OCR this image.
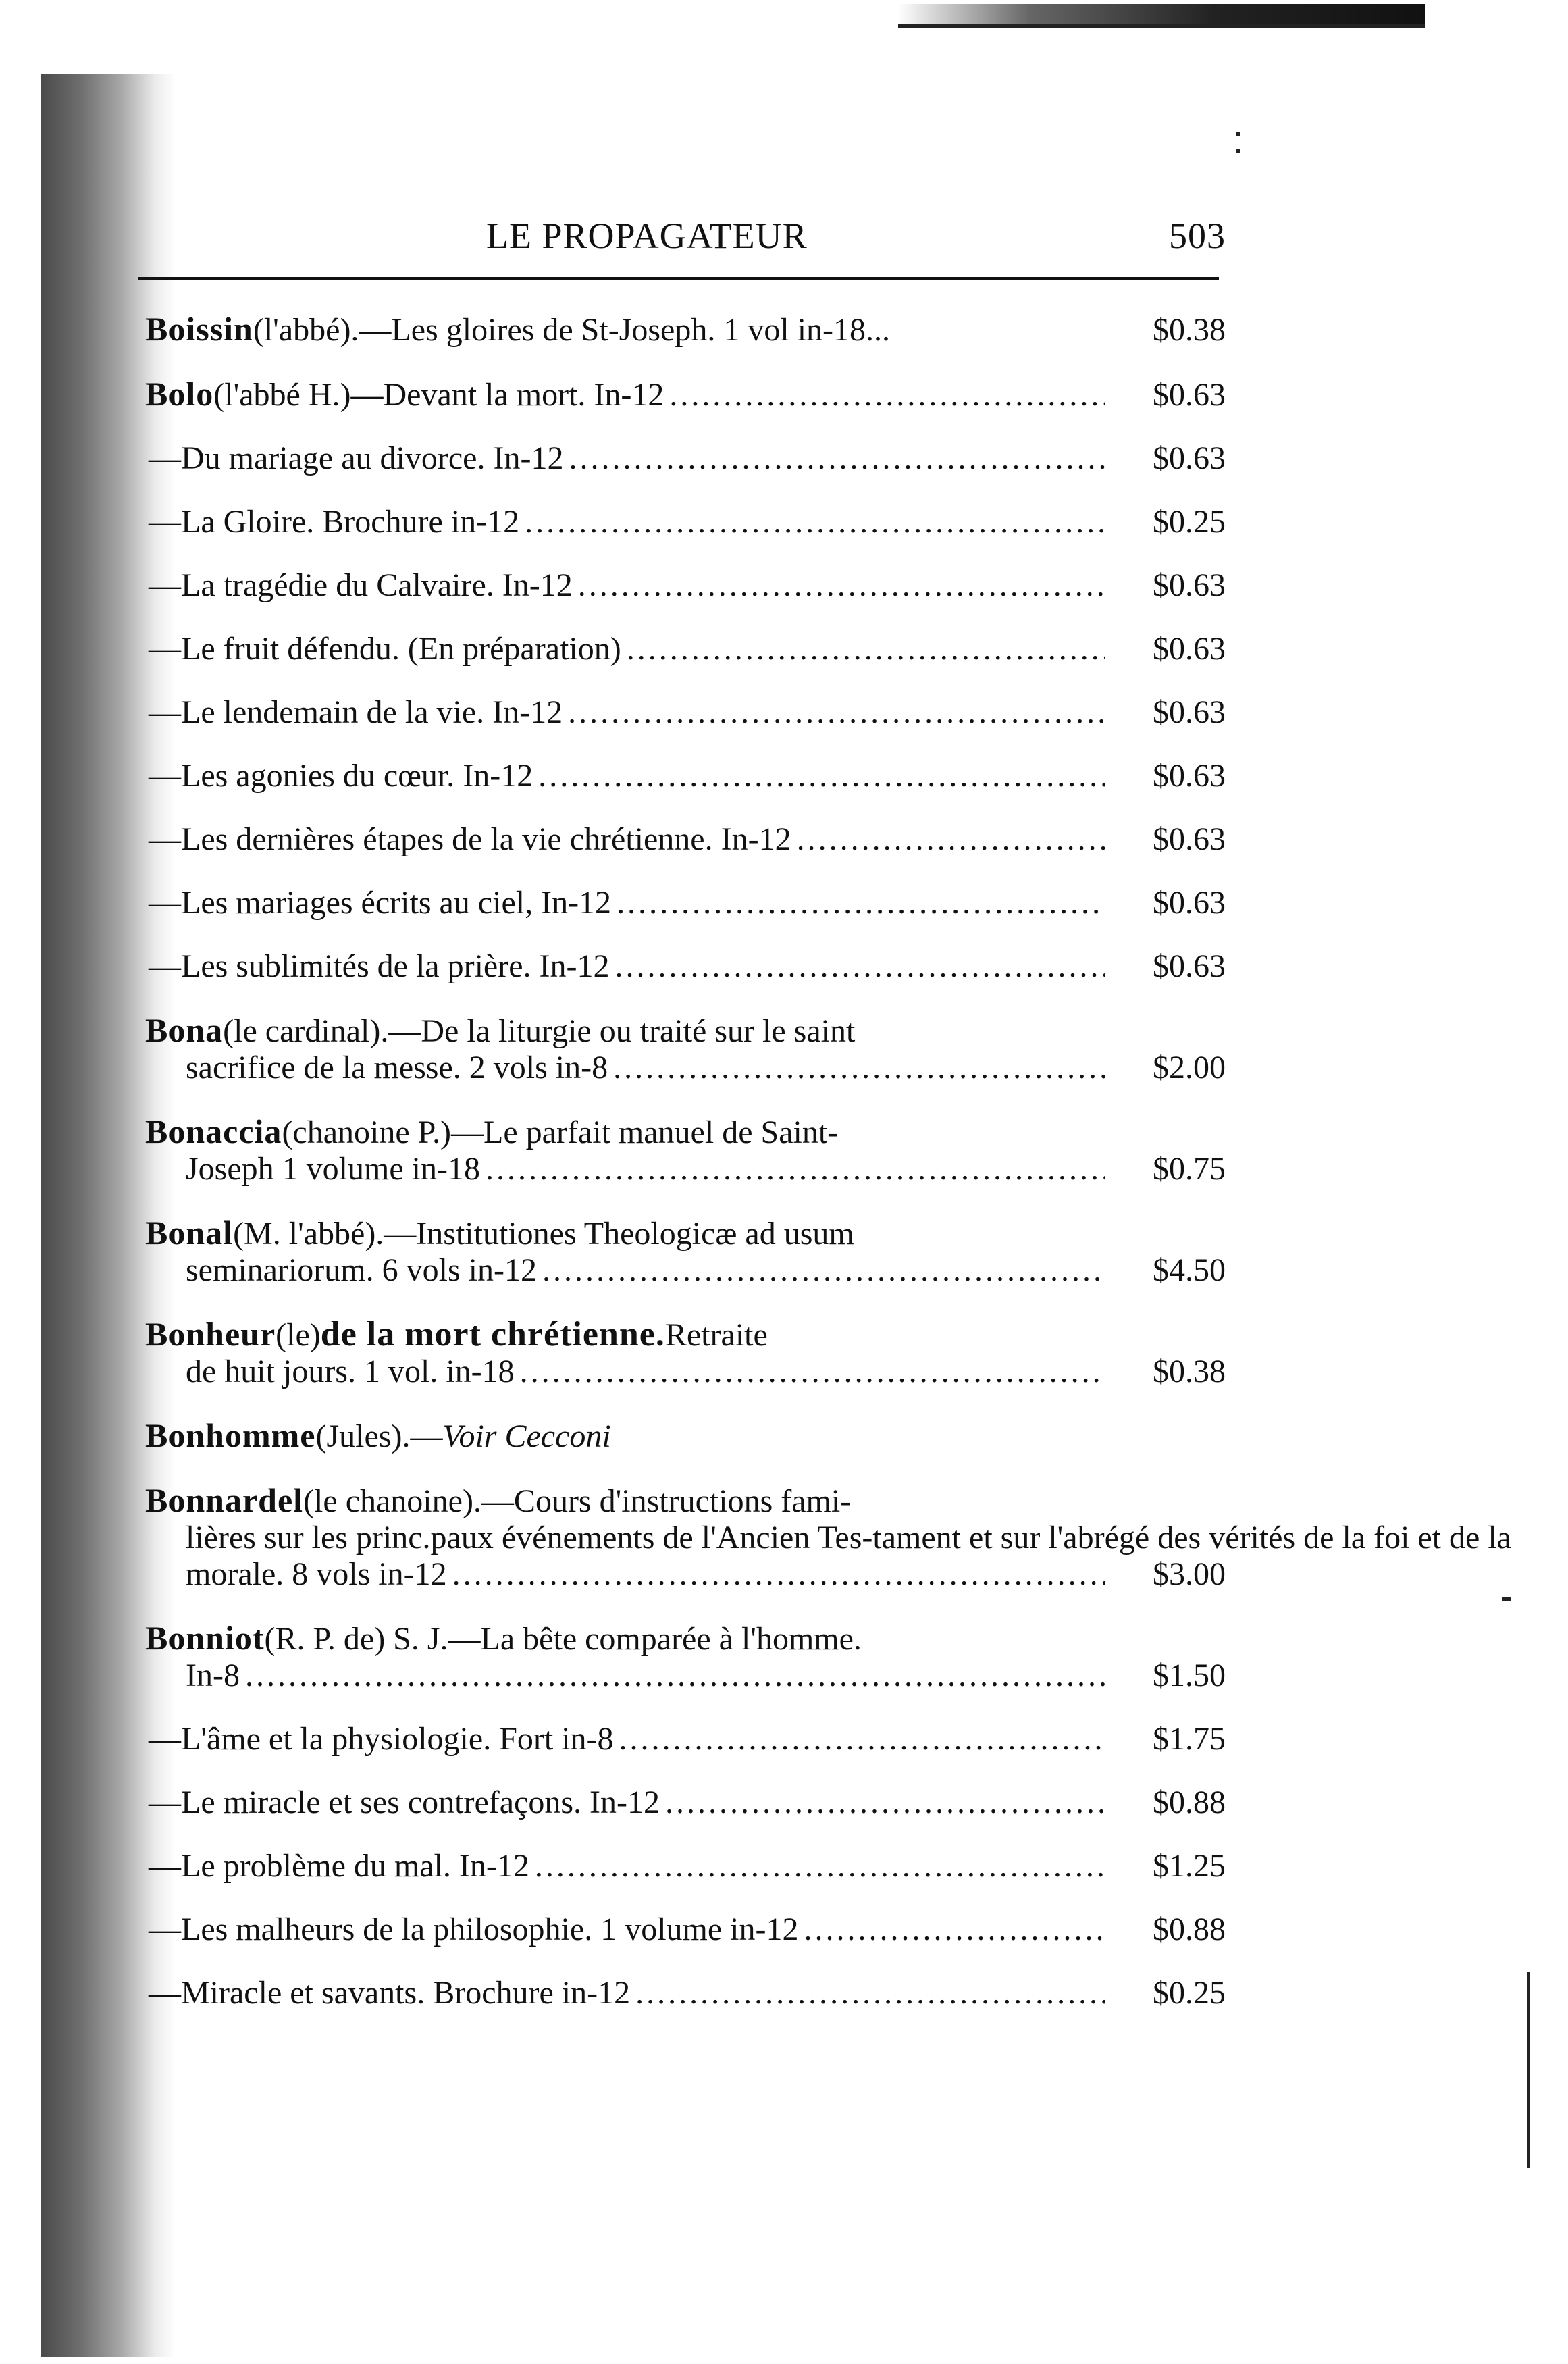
LE PROPAGATEUR	503
Boissin (l'abbé).—Les gloires de St-Joseph. 1 vol in-18...	$0.38
Bolo (l'abbé H.)—Devant la mort. In-12 .....	$0.63
—Du mariage au divorce. In-12 .....	$0.63
—La Gloire. Brochure in-12 .....	$0.25
—La tragédie du Calvaire. In-12 .....	$0.63
—Le fruit défendu. (En préparation) .....	$0.63
—Le lendemain de la vie. In-12 .....	$0.63
—Les agonies du cœur. In-12 .....	$0.63
—Les dernières étapes de la vie chrétienne. In-12 .....	$0.63
—Les mariages écrits au ciel, In-12 .....	$0.63
—Les sublimités de la prière. In-12 .....	$0.63
Bona (le cardinal).—De la liturgie ou traité sur le saint
sacrifice de la messe. 2 vols in-8 .....	$2.00
Bonaccia (chanoine P.)—Le parfait manuel de Saint-
Joseph 1 volume in-18 .....	$0.75
Bonal (M. l'abbé).—Institutiones Theologicæ ad usum
seminariorum. 6 vols in-12 .....	$4.50
Bonheur (le) de la mort chrétienne. Retraite
de huit jours. 1 vol. in-18 .....	$0.38
Bonhomme (Jules).— Voir Cecconi
Bonnardel (le chanoine).—Cours d'instructions fami-
lières sur les princ.paux événements de l'Ancien Tes-tament et sur l'abrégé des vérités de la foi et de la
morale. 8 vols in-12 .....	$3.00
Bonniot (R. P. de) S. J.—La bête comparée à l'homme.
In-8 .....	$1.50
—L'âme et la physiologie. Fort in-8 .....	$1.75
—Le miracle et ses contrefaçons. In-12 .....	$0.88
—Le problème du mal. In-12 .....	$1.25
—Les malheurs de la philosophie. 1 volume in-12 .....	$0.88
—Miracle et savants. Brochure in-12 .....	$0.25
